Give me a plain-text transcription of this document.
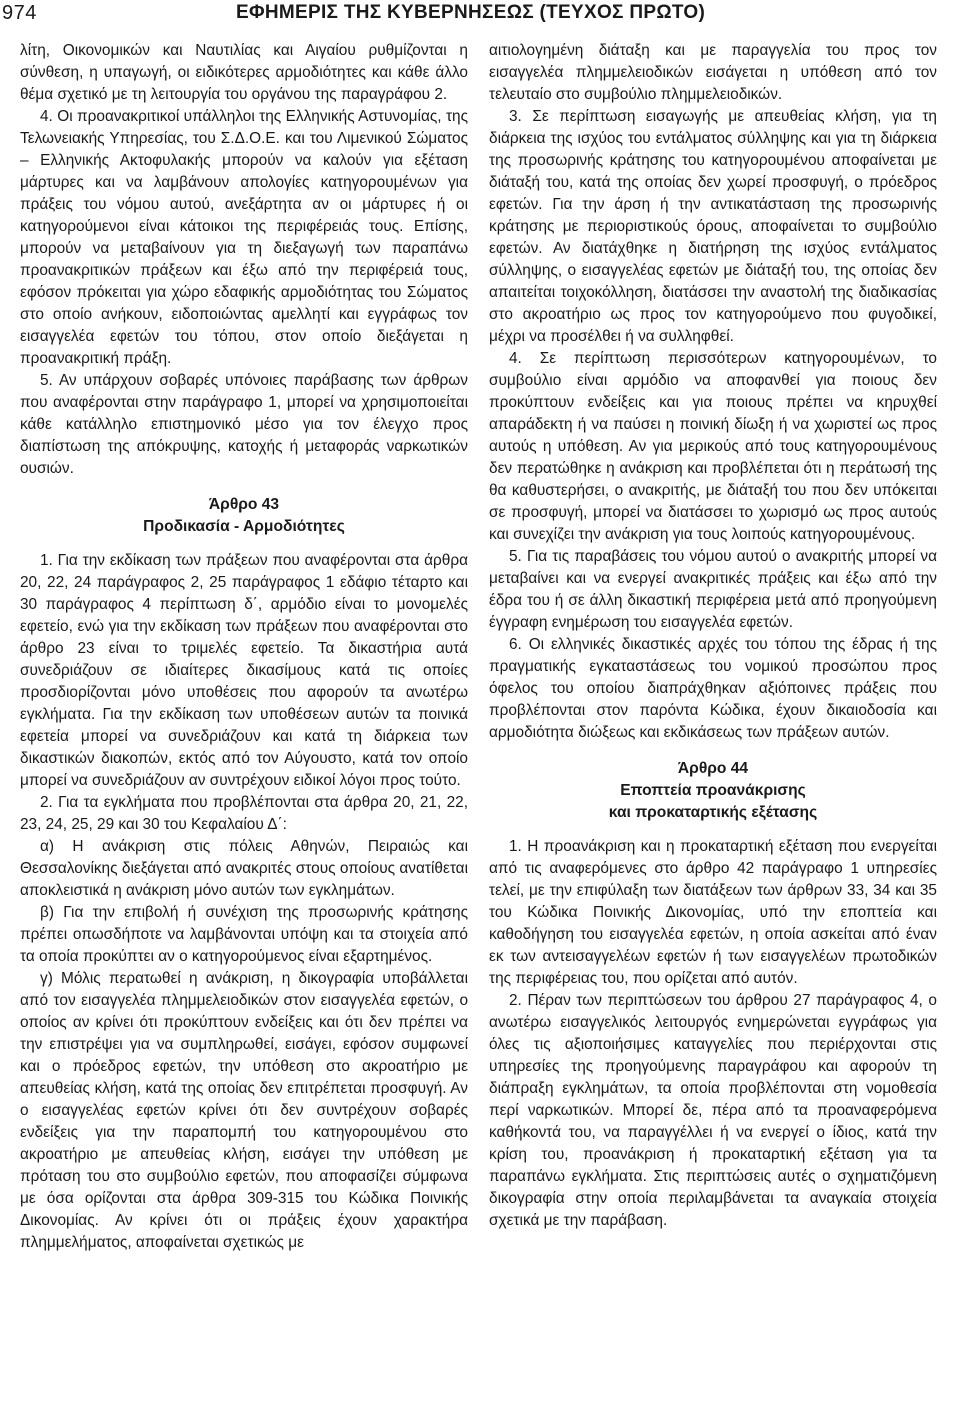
974	ΕΦΗΜΕΡΙΣ ΤΗΣ ΚΥΒΕΡΝΗΣΕΩΣ (ΤΕΥΧΟΣ ΠΡΩΤΟ)

λίτη, Οικονομικών και Ναυτιλίας και Αιγαίου ρυθμίζονται η σύνθεση, η υπαγωγή, οι ειδικότερες αρμοδιότητες και κάθε άλλο θέμα σχετικό με τη λειτουργία του οργάνου της παραγράφου 2.

4. Οι προανακριτικοί υπάλληλοι της Ελληνικής Αστυνομίας, της Τελωνειακής Υπηρεσίας, του Σ.Δ.Ο.Ε. και του Λιμενικού Σώματος – Ελληνικής Ακτοφυλακής μπορούν να καλούν για εξέταση μάρτυρες και να λαμβάνουν απολογίες κατηγορουμένων για πράξεις του νόμου αυτού, ανεξάρτητα αν οι μάρτυρες ή οι κατηγορούμενοι είναι κάτοικοι της περιφέρειάς τους. Επίσης, μπορούν να μεταβαίνουν για τη διεξαγωγή των παραπάνω προανακριτικών πράξεων και έξω από την περιφέρειά τους, εφόσον πρόκειται για χώρο εδαφικής αρμοδιότητας του Σώματος στο οποίο ανήκουν, ειδοποιώντας αμελλητί και εγγράφως τον εισαγγελέα εφετών του τόπου, στον οποίο διεξάγεται η προανακριτική πράξη.

5. Αν υπάρχουν σοβαρές υπόνοιες παράβασης των άρθρων που αναφέρονται στην παράγραφο 1, μπορεί να χρησιμοποιείται κάθε κατάλληλο επιστημονικό μέσο για τον έλεγχο προς διαπίστωση της απόκρυψης, κατοχής ή μεταφοράς ναρκωτικών ουσιών.

Άρθρο 43
Προδικασία - Αρμοδιότητες

1. Για την εκδίκαση των πράξεων που αναφέρονται στα άρθρα 20, 22, 24 παράγραφος 2, 25 παράγραφος 1 εδάφιο τέταρτο και 30 παράγραφος 4 περίπτωση δ΄, αρμόδιο είναι το μονομελές εφετείο, ενώ για την εκδίκαση των πράξεων που αναφέρονται στο άρθρο 23 είναι το τριμελές εφετείο. Τα δικαστήρια αυτά συνεδριάζουν σε ιδιαίτερες δικασίμους κατά τις οποίες προσδιορίζονται μόνο υποθέσεις που αφορούν τα ανωτέρω εγκλήματα. Για την εκδίκαση των υποθέσεων αυτών τα ποινικά εφετεία μπορεί να συνεδριάζουν και κατά τη διάρκεια των δικαστικών διακοπών, εκτός από τον Αύγουστο, κατά τον οποίο μπορεί να συνεδριάζουν αν συντρέχουν ειδικοί λόγοι προς τούτο.

2. Για τα εγκλήματα που προβλέπονται στα άρθρα 20, 21, 22, 23, 24, 25, 29 και 30 του Κεφαλαίου Δ΄:

α) Η ανάκριση στις πόλεις Αθηνών, Πειραιώς και Θεσσαλονίκης διεξάγεται από ανακριτές στους οποίους ανατίθεται αποκλειστικά η ανάκριση μόνο αυτών των εγκλημάτων.

β) Για την επιβολή ή συνέχιση της προσωρινής κράτησης πρέπει οπωσδήποτε να λαμβάνονται υπόψη και τα στοιχεία από τα οποία προκύπτει αν ο κατηγορούμενος είναι εξαρτημένος.

γ) Μόλις περατωθεί η ανάκριση, η δικογραφία υποβάλλεται από τον εισαγγελέα πλημμελειοδικών στον εισαγγελέα εφετών, ο οποίος αν κρίνει ότι προκύπτουν ενδείξεις και ότι δεν πρέπει να την επιστρέψει για να συμπληρωθεί, εισάγει, εφόσον συμφωνεί και ο πρόεδρος εφετών, την υπόθεση στο ακροατήριο με απευθείας κλήση, κατά της οποίας δεν επιτρέπεται προσφυγή. Αν ο εισαγγελέας εφετών κρίνει ότι δεν συντρέχουν σοβαρές ενδείξεις για την παραπομπή του κατηγορουμένου στο ακροατήριο με απευθείας κλήση, εισάγει την υπόθεση με πρόταση του στο συμβούλιο εφετών, που αποφασίζει σύμφωνα με όσα ορίζονται στα άρθρα 309-315 του Κώδικα Ποινικής Δικονομίας. Αν κρίνει ότι οι πράξεις έχουν χαρακτήρα πλημμελήματος, αποφαίνεται σχετικώς με

αιτιολογημένη διάταξη και με παραγγελία του προς τον εισαγγελέα πλημμελειοδικών εισάγεται η υπόθεση από τον τελευταίο στο συμβούλιο πλημμελειοδικών.

3. Σε περίπτωση εισαγωγής με απευθείας κλήση, για τη διάρκεια της ισχύος του εντάλματος σύλληψης και για τη διάρκεια της προσωρινής κράτησης του κατηγορουμένου αποφαίνεται με διάταξή του, κατά της οποίας δεν χωρεί προσφυγή, ο πρόεδρος εφετών. Για την άρση ή την αντικατάσταση της προσωρινής κράτησης με περιοριστικούς όρους, αποφαίνεται το συμβούλιο εφετών. Αν διατάχθηκε η διατήρηση της ισχύος εντάλματος σύλληψης, ο εισαγγελέας εφετών με διάταξή του, της οποίας δεν απαιτείται τοιχοκόλληση, διατάσσει την αναστολή της διαδικασίας στο ακροατήριο ως προς τον κατηγορούμενο που φυγοδικεί, μέχρι να προσέλθει ή να συλληφθεί.

4. Σε περίπτωση περισσότερων κατηγορουμένων, το συμβούλιο είναι αρμόδιο να αποφανθεί για ποιους δεν προκύπτουν ενδείξεις και για ποιους πρέπει να κηρυχθεί απαράδεκτη ή να παύσει η ποινική δίωξη ή να χωριστεί ως προς αυτούς η υπόθεση. Αν για μερικούς από τους κατηγορουμένους δεν περατώθηκε η ανάκριση και προβλέπεται ότι η περάτωσή της θα καθυστερήσει, ο ανακριτής, με διάταξή του που δεν υπόκειται σε προσφυγή, μπορεί να διατάσσει το χωρισμό ως προς αυτούς και συνεχίζει την ανάκριση για τους λοιπούς κατηγορουμένους.

5. Για τις παραβάσεις του νόμου αυτού ο ανακριτής μπορεί να μεταβαίνει και να ενεργεί ανακριτικές πράξεις και έξω από την έδρα του ή σε άλλη δικαστική περιφέρεια μετά από προηγούμενη έγγραφη ενημέρωση του εισαγγελέα εφετών.

6. Οι ελληνικές δικαστικές αρχές του τόπου της έδρας ή της πραγματικής εγκαταστάσεως του νομικού προσώπου προς όφελος του οποίου διαπράχθηκαν αξιόποινες πράξεις που προβλέπονται στον παρόντα Κώδικα, έχουν δικαιοδοσία και αρμοδιότητα διώξεως και εκδικάσεως των πράξεων αυτών.

Άρθρο 44
Εποπτεία προανάκρισης
και προκαταρτικής εξέτασης

1. Η προανάκριση και η προκαταρτική εξέταση που ενεργείται από τις αναφερόμενες στο άρθρο 42 παράγραφο 1 υπηρεσίες τελεί, με την επιφύλαξη των διατάξεων των άρθρων 33, 34 και 35 του Κώδικα Ποινικής Δικονομίας, υπό την εποπτεία και καθοδήγηση του εισαγγελέα εφετών, η οποία ασκείται από έναν εκ των αντεισαγγελέων εφετών ή των εισαγγελέων πρωτοδικών της περιφέρειας του, που ορίζεται από αυτόν.

2. Πέραν των περιπτώσεων του άρθρου 27 παράγραφος 4, ο ανωτέρω εισαγγελικός λειτουργός ενημερώνεται εγγράφως για όλες τις αξιοποιήσιμες καταγγελίες που περιέρχονται στις υπηρεσίες της προηγούμενης παραγράφου και αφορούν τη διάπραξη εγκλημάτων, τα οποία προβλέπονται στη νομοθεσία περί ναρκωτικών. Μπορεί δε, πέρα από τα προαναφερόμενα καθήκοντά του, να παραγγέλλει ή να ενεργεί ο ίδιος, κατά την κρίση του, προανάκριση ή προκαταρτική εξέταση για τα παραπάνω εγκλήματα. Στις περιπτώσεις αυτές ο σχηματιζόμενη δικογραφία στην οποία περιλαμβάνεται τα αναγκαία στοιχεία σχετικά με την παράβαση.
